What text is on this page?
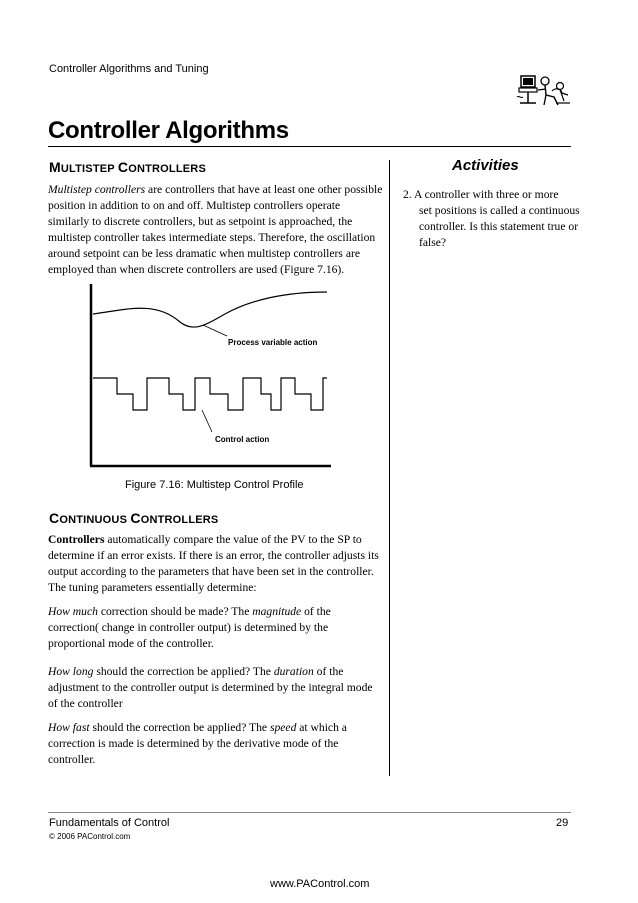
Controller Algorithms and Tuning
Controller Algorithms
MULTISTEP CONTROLLERS

Multistep controllers are controllers that have at least one other possible position in addition to on and off. Multistep controllers operate similarly to discrete controllers, but as setpoint is approached, the multistep controller takes intermediate steps. Therefore, the oscillation around setpoint can be less dramatic when multistep controllers are employed than when discrete controllers are used (Figure 7.16).

Process variable action
Control action
Figure 7.16: Multistep Control Profile
CONTINUOUS CONTROLLERS

Controllers automatically compare the value of the PV to the SP to determine if an error exists. If there is an error, the controller adjusts its output according to the parameters that have been set in the controller. The tuning parameters essentially determine:

How much correction should be made? The magnitude of the correction( change in controller output) is determined by the proportional mode of the controller.

How long should the correction be applied? The duration of the adjustment to the controller output is determined by the integral mode of the controller

How fast should the correction be applied? The speed at which a correction is made is determined by the derivative mode of the controller.

Activities
2. A controller with three or more
set positions is called a continuous controller. Is this statement true or false?
Fundamentals of Control	29
© 2006 PAControl.com
www.PAControl.com
